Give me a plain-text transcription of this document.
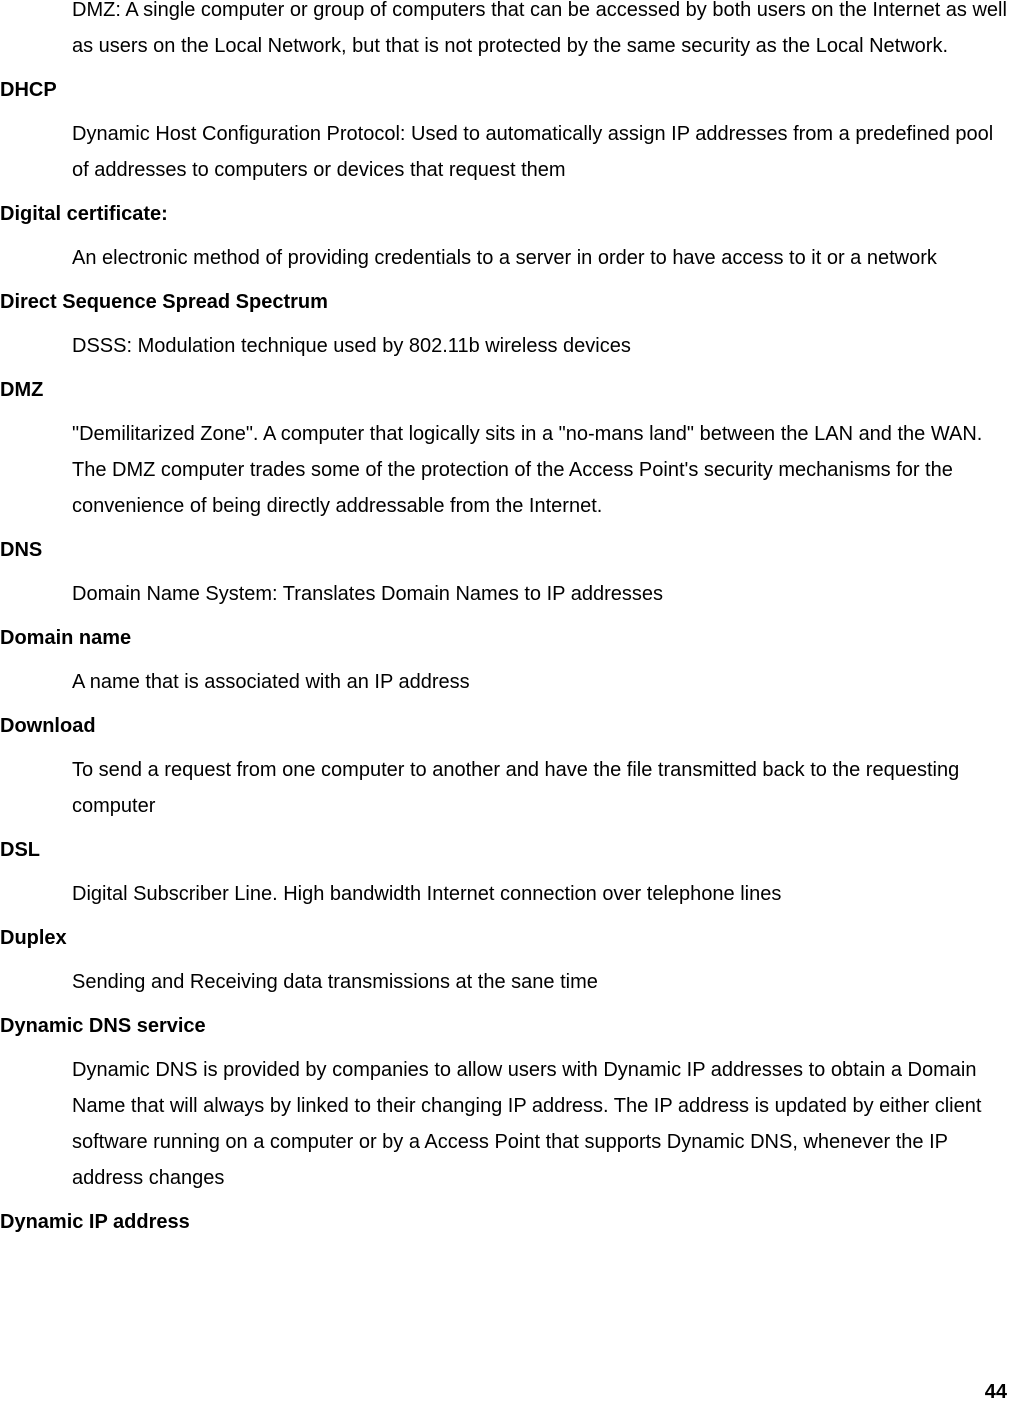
DMZ: A single computer or group of computers that can be accessed by both users on the Internet as well as users on the Local Network, but that is not protected by the same security as the Local Network.
DHCP
Dynamic Host Configuration Protocol: Used to automatically assign IP addresses from a predefined pool of addresses to computers or devices that request them
Digital certificate:
An electronic method of providing credentials to a server in order to have access to it or a network
Direct Sequence Spread Spectrum
DSSS: Modulation technique used by 802.11b wireless devices
DMZ
"Demilitarized Zone". A computer that logically sits in a "no-mans land" between the LAN and the WAN. The DMZ computer trades some of the protection of the Access Point's security mechanisms for the convenience of being directly addressable from the Internet.
DNS
Domain Name System: Translates Domain Names to IP addresses
Domain name
A name that is associated with an IP address
Download
To send a request from one computer to another and have the file transmitted back to the requesting computer
DSL
Digital Subscriber Line. High bandwidth Internet connection over telephone lines
Duplex
Sending and Receiving data transmissions at the sane time
Dynamic DNS service
Dynamic DNS is provided by companies to allow users with Dynamic IP addresses to obtain a Domain Name that will always by linked to their changing IP address. The IP address is updated by either client software running on a computer or by a Access Point that supports Dynamic DNS, whenever the IP address changes
Dynamic IP address
44
